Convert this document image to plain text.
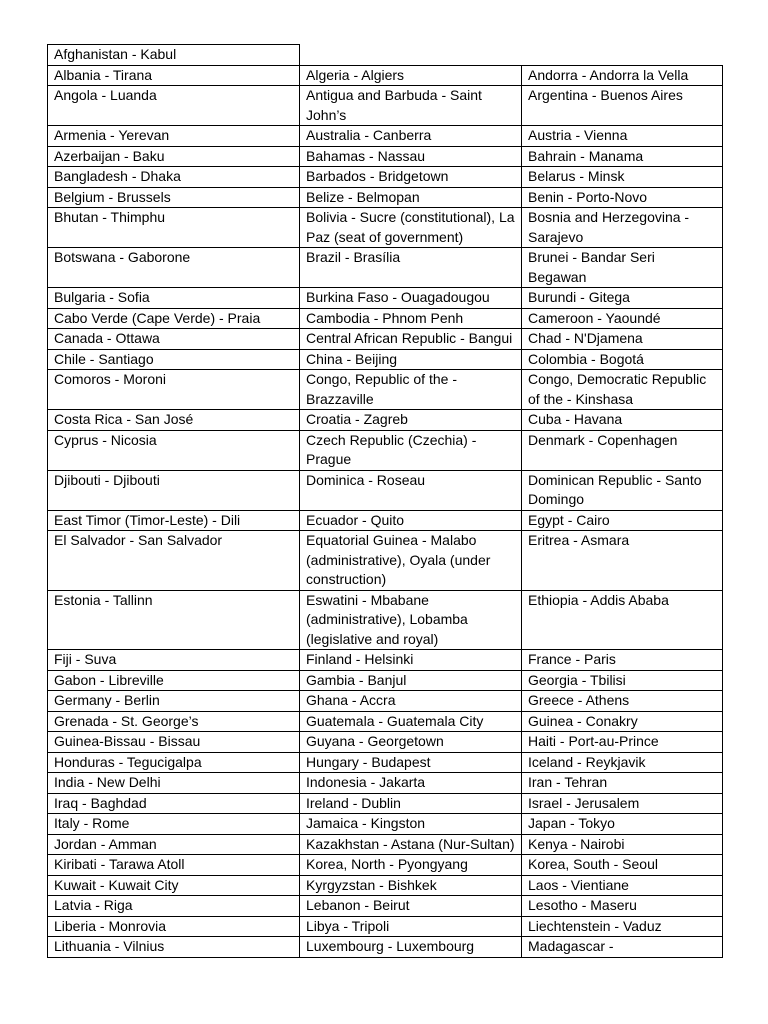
Afghanistan - Kabul		
Albania - Tirana	Algeria - Algiers	Andorra - Andorra la Vella
Angola - Luanda	Antigua and Barbuda - Saint John’s	Argentina - Buenos Aires
Armenia - Yerevan	Australia - Canberra	Austria - Vienna
Azerbaijan - Baku	Bahamas - Nassau	Bahrain - Manama
Bangladesh - Dhaka	Barbados - Bridgetown	Belarus - Minsk
Belgium - Brussels	Belize - Belmopan	Benin - Porto-Novo
Bhutan - Thimphu	Bolivia - Sucre (constitutional), La Paz (seat of government)	Bosnia and Herzegovina - Sarajevo
Botswana - Gaborone	Brazil - Brasília	Brunei - Bandar Seri Begawan
Bulgaria - Sofia	Burkina Faso - Ouagadougou	Burundi - Gitega
Cabo Verde (Cape Verde) - Praia	Cambodia - Phnom Penh	Cameroon - Yaoundé
Canada - Ottawa	Central African Republic - Bangui	Chad - N'Djamena
Chile - Santiago	China - Beijing	Colombia - Bogotá
Comoros - Moroni	Congo, Republic of the - Brazzaville	Congo, Democratic Republic of the - Kinshasa
Costa Rica - San José	Croatia - Zagreb	Cuba - Havana
Cyprus - Nicosia	Czech Republic (Czechia) - Prague	Denmark - Copenhagen
Djibouti - Djibouti	Dominica - Roseau	Dominican Republic - Santo Domingo
East Timor (Timor-Leste) - Dili	Ecuador - Quito	Egypt - Cairo
El Salvador - San Salvador	Equatorial Guinea - Malabo (administrative), Oyala (under construction)	Eritrea - Asmara
Estonia - Tallinn	Eswatini - Mbabane (administrative), Lobamba (legislative and royal)	Ethiopia - Addis Ababa
Fiji - Suva	Finland - Helsinki	France - Paris
Gabon - Libreville	Gambia - Banjul	Georgia - Tbilisi
Germany - Berlin	Ghana - Accra	Greece - Athens
Grenada - St. George’s	Guatemala - Guatemala City	Guinea - Conakry
Guinea-Bissau - Bissau	Guyana - Georgetown	Haiti - Port-au-Prince
Honduras - Tegucigalpa	Hungary - Budapest	Iceland - Reykjavik
India - New Delhi	Indonesia - Jakarta	Iran - Tehran
Iraq - Baghdad	Ireland - Dublin	Israel - Jerusalem
Italy - Rome	Jamaica - Kingston	Japan - Tokyo
Jordan - Amman	Kazakhstan - Astana (Nur-Sultan)	Kenya - Nairobi
Kiribati - Tarawa Atoll	Korea, North - Pyongyang	Korea, South - Seoul
Kuwait - Kuwait City	Kyrgyzstan - Bishkek	Laos - Vientiane
Latvia - Riga	Lebanon - Beirut	Lesotho - Maseru
Liberia - Monrovia	Libya - Tripoli	Liechtenstein - Vaduz
Lithuania - Vilnius	Luxembourg - Luxembourg	Madagascar -
